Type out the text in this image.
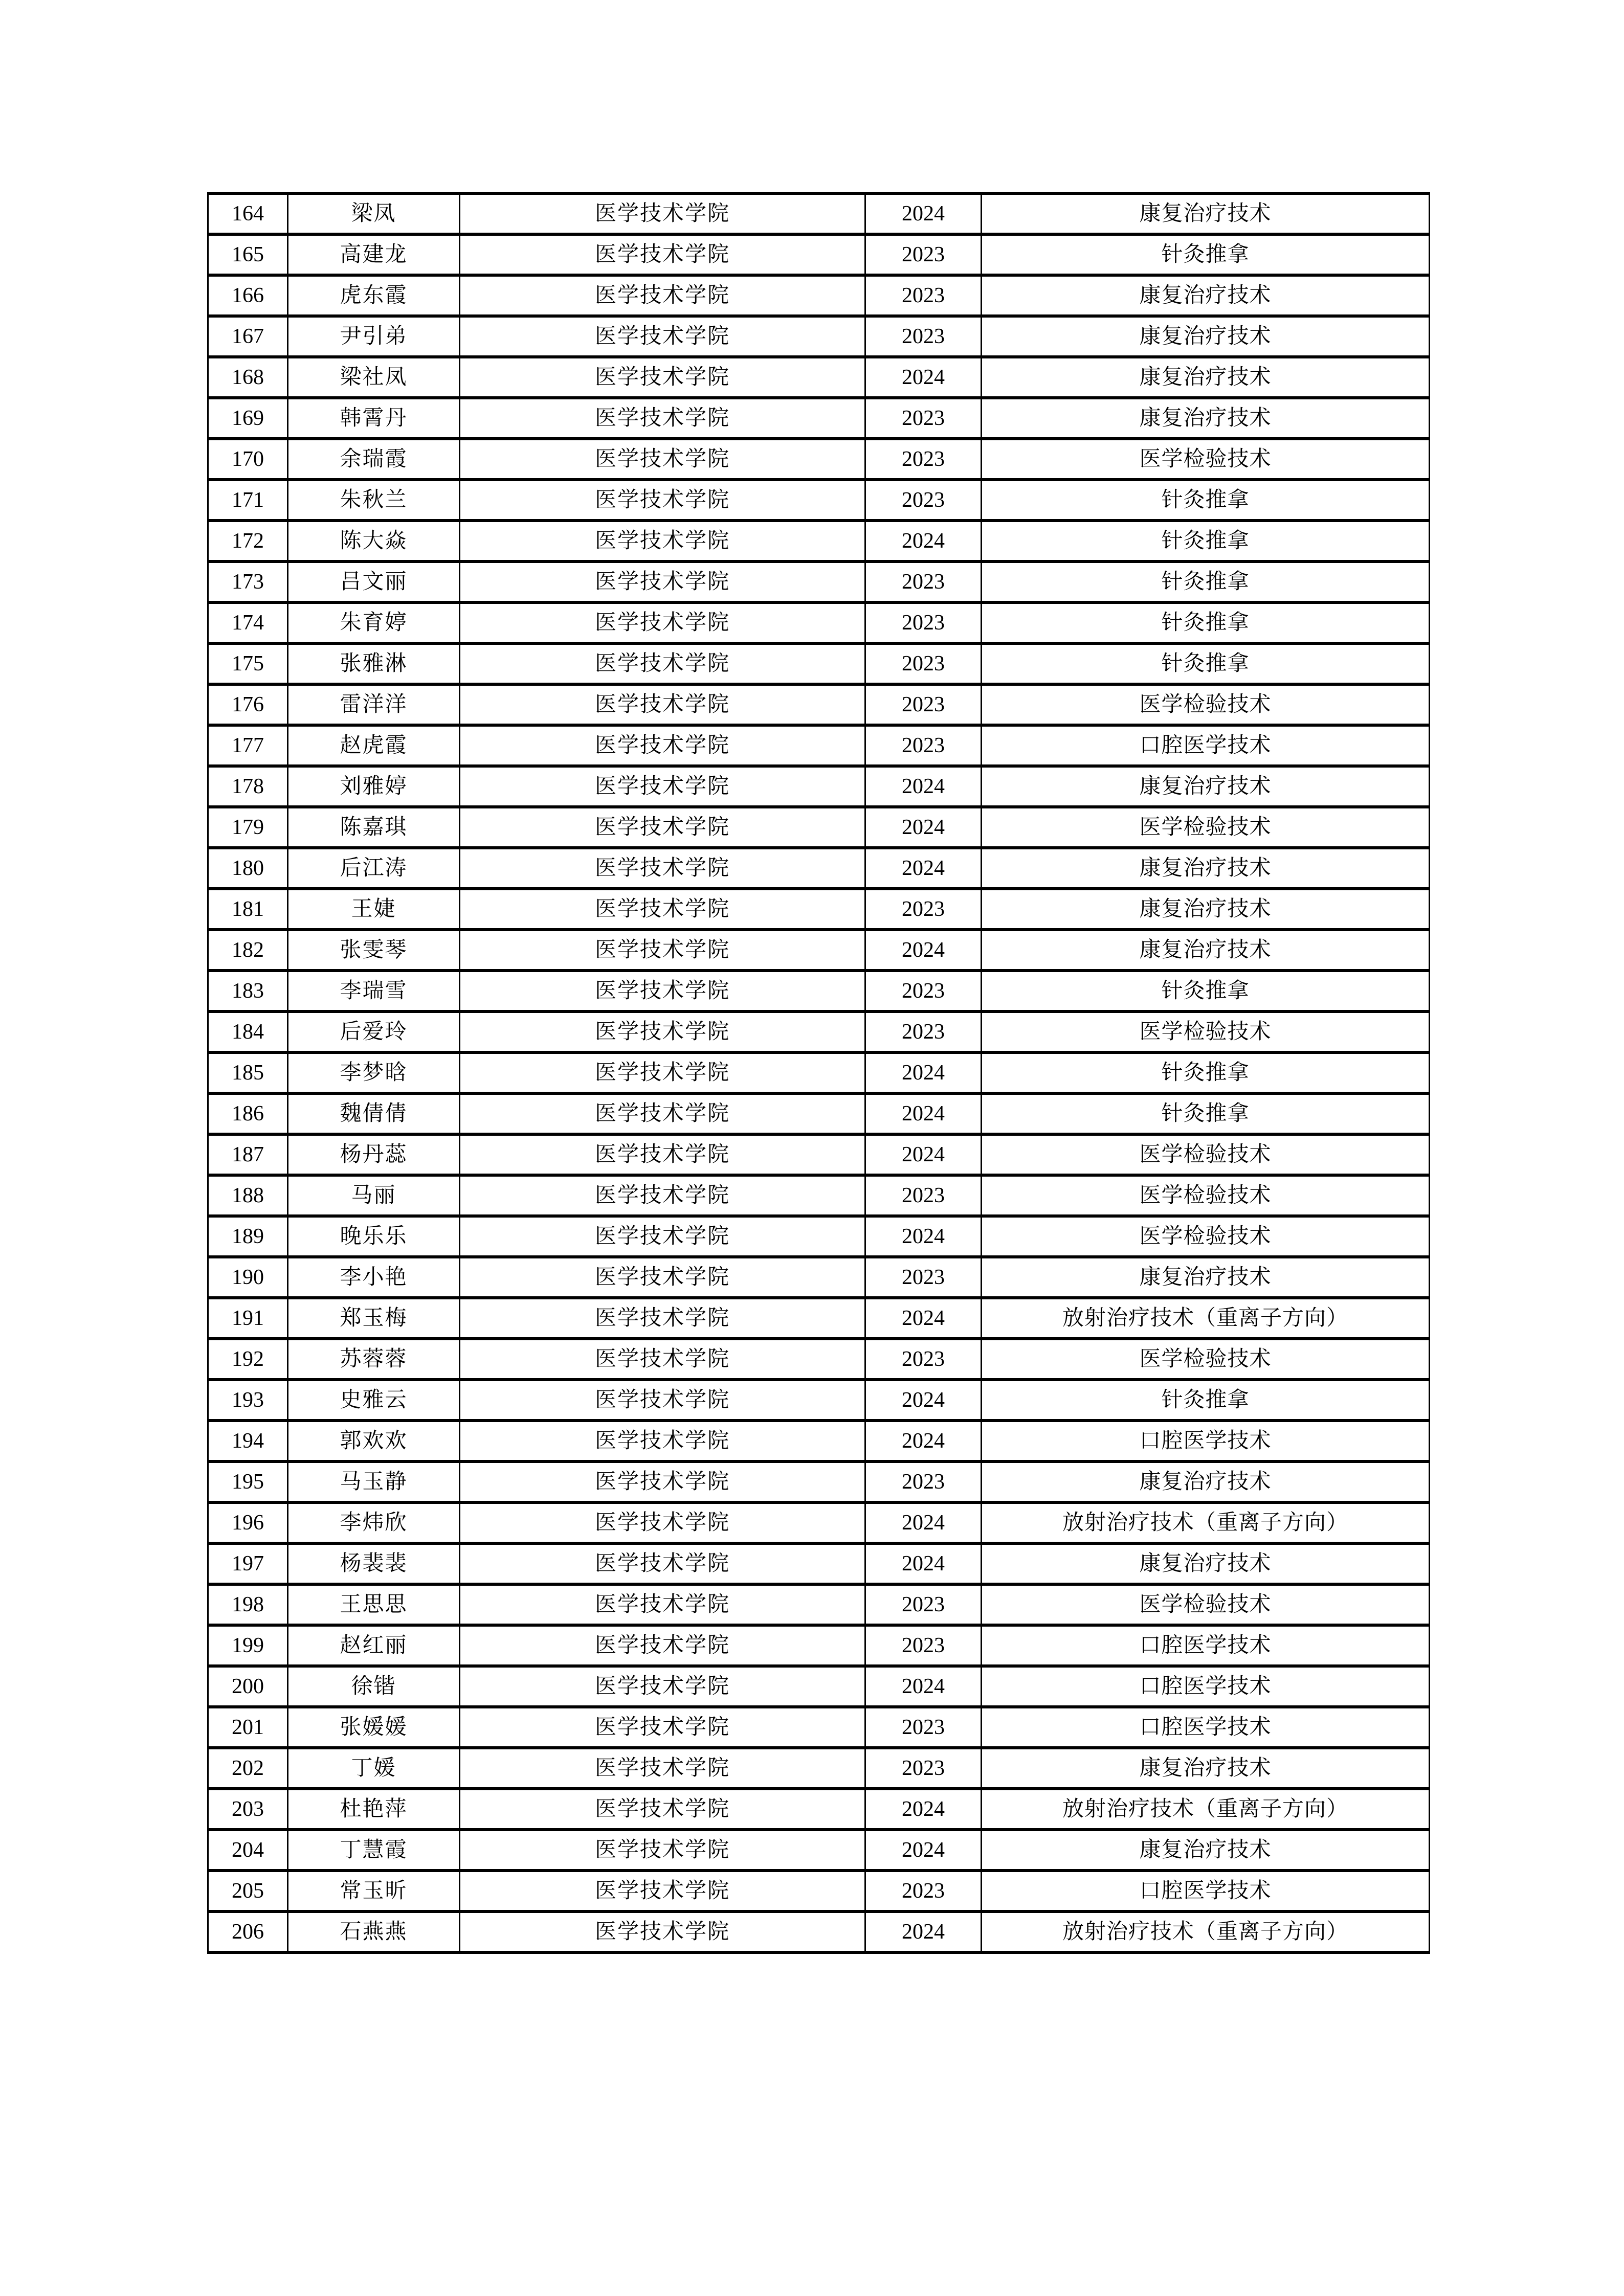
164	梁凤	医学技术学院	2024	康复治疗技术
165	高建龙	医学技术学院	2023	针灸推拿
166	虎东霞	医学技术学院	2023	康复治疗技术
167	尹引弟	医学技术学院	2023	康复治疗技术
168	梁社凤	医学技术学院	2024	康复治疗技术
169	韩霄丹	医学技术学院	2023	康复治疗技术
170	余瑞霞	医学技术学院	2023	医学检验技术
171	朱秋兰	医学技术学院	2023	针灸推拿
172	陈大焱	医学技术学院	2024	针灸推拿
173	吕文丽	医学技术学院	2023	针灸推拿
174	朱育婷	医学技术学院	2023	针灸推拿
175	张雅淋	医学技术学院	2023	针灸推拿
176	雷洋洋	医学技术学院	2023	医学检验技术
177	赵虎霞	医学技术学院	2023	口腔医学技术
178	刘雅婷	医学技术学院	2024	康复治疗技术
179	陈嘉琪	医学技术学院	2024	医学检验技术
180	后江涛	医学技术学院	2024	康复治疗技术
181	王婕	医学技术学院	2023	康复治疗技术
182	张雯琴	医学技术学院	2024	康复治疗技术
183	李瑞雪	医学技术学院	2023	针灸推拿
184	后爱玲	医学技术学院	2023	医学检验技术
185	李梦晗	医学技术学院	2024	针灸推拿
186	魏倩倩	医学技术学院	2024	针灸推拿
187	杨丹蕊	医学技术学院	2024	医学检验技术
188	马丽	医学技术学院	2023	医学检验技术
189	晚乐乐	医学技术学院	2024	医学检验技术
190	李小艳	医学技术学院	2023	康复治疗技术
191	郑玉梅	医学技术学院	2024	放射治疗技术（重离子方向）
192	苏蓉蓉	医学技术学院	2023	医学检验技术
193	史雅云	医学技术学院	2024	针灸推拿
194	郭欢欢	医学技术学院	2024	口腔医学技术
195	马玉静	医学技术学院	2023	康复治疗技术
196	李炜欣	医学技术学院	2024	放射治疗技术（重离子方向）
197	杨裴裴	医学技术学院	2024	康复治疗技术
198	王思思	医学技术学院	2023	医学检验技术
199	赵红丽	医学技术学院	2023	口腔医学技术
200	徐锴	医学技术学院	2024	口腔医学技术
201	张媛媛	医学技术学院	2023	口腔医学技术
202	丁媛	医学技术学院	2023	康复治疗技术
203	杜艳萍	医学技术学院	2024	放射治疗技术（重离子方向）
204	丁慧霞	医学技术学院	2024	康复治疗技术
205	常玉昕	医学技术学院	2023	口腔医学技术
206	石燕燕	医学技术学院	2024	放射治疗技术（重离子方向）
